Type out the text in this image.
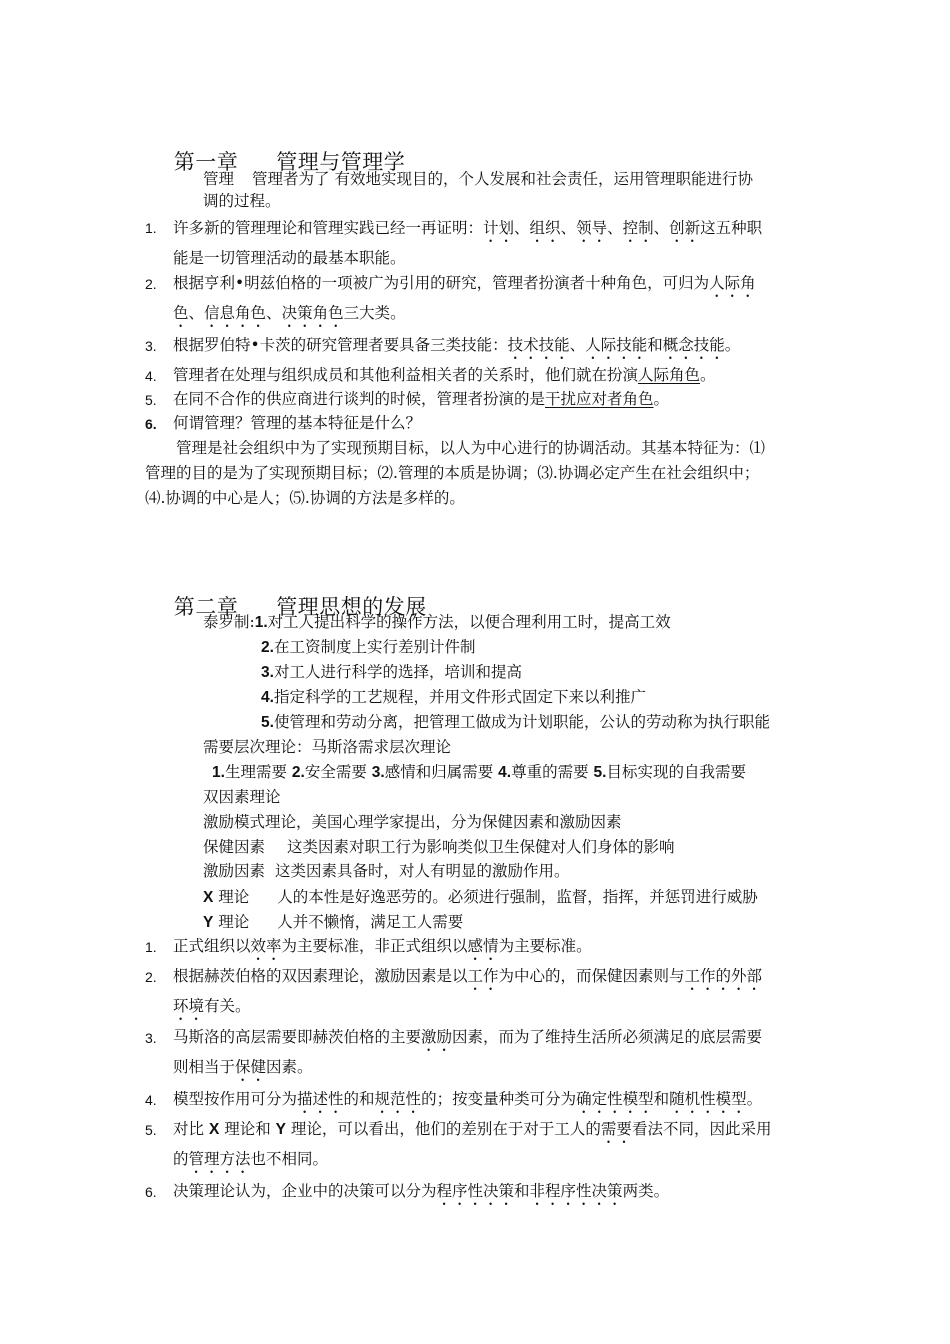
第一章 管理与管理学

管理 管理者为了 有效地实现目的，个人发展和社会责任，运用管理职能进行协
调的过程。
1. 许多新的管理理论和管理实践已经一再证明：计划、组织、领导、控制、创新这五种职
能是一切管理活动的最基本职能。
2. 根据亨利•明兹伯格的一项被广为引用的研究，管理者扮演者十种角色，可归为人际角
色、信息角色、决策角色三大类。
3. 根据罗伯特•卡茨的研究管理者要具备三类技能：技术技能、人际技能和概念技能。
4. 管理者在处理与组织成员和其他利益相关者的关系时，他们就在扮演人际角色。
5. 在同不合作的供应商进行谈判的时候，管理者扮演的是干扰应对者角色。
6. 何谓管理？管理的基本特征是什么？
管理是社会组织中为了实现预期目标，以人为中心进行的协调活动。其基本特征为：⑴
管理的目的是为了实现预期目标；⑵.管理的本质是协调；⑶.协调必定产生在社会组织中；
⑷.协调的中心是人；⑸.协调的方法是多样的。

第二章 管理思想的发展

泰罗制:1.对工人提出科学的操作方法，以便合理利用工时，提高工效
2.在工资制度上实行差别计件制
3.对工人进行科学的选择，培训和提高
4.指定科学的工艺规程，并用文件形式固定下来以利推广
5.使管理和劳动分离，把管理工做成为计划职能，公认的劳动称为执行职能
需要层次理论：马斯洛需求层次理论
1.生理需要 2.安全需要 3.感情和归属需要 4.尊重的需要 5.目标实现的自我需要
双因素理论
激励模式理论，美国心理学家提出，分为保健因素和激励因素
保健因素 这类因素对职工行为影响类似卫生保健对人们身体的影响
激励因素 这类因素具备时，对人有明显的激励作用。
X 理论 人的本性是好逸恶劳的。必须进行强制，监督，指挥，并惩罚进行威胁
Y 理论 人并不懒惰，满足工人需要
1. 正式组织以效率为主要标准，非正式组织以感情为主要标准。
2. 根据赫茨伯格的双因素理论，激励因素是以工作为中心的，而保健因素则与工作的外部
环境有关。
3. 马斯洛的高层需要即赫茨伯格的主要激励因素，而为了维持生活所必须满足的底层需要
则相当于保健因素。
4. 模型按作用可分为描述性的和规范性的；按变量种类可分为确定性模型和随机性模型。
5. 对比 X 理论和 Y 理论，可以看出，他们的差别在于对于工人的需要看法不同，因此采用
的管理方法也不相同。
6. 决策理论认为，企业中的决策可以分为程序性决策和非程序性决策两类。
